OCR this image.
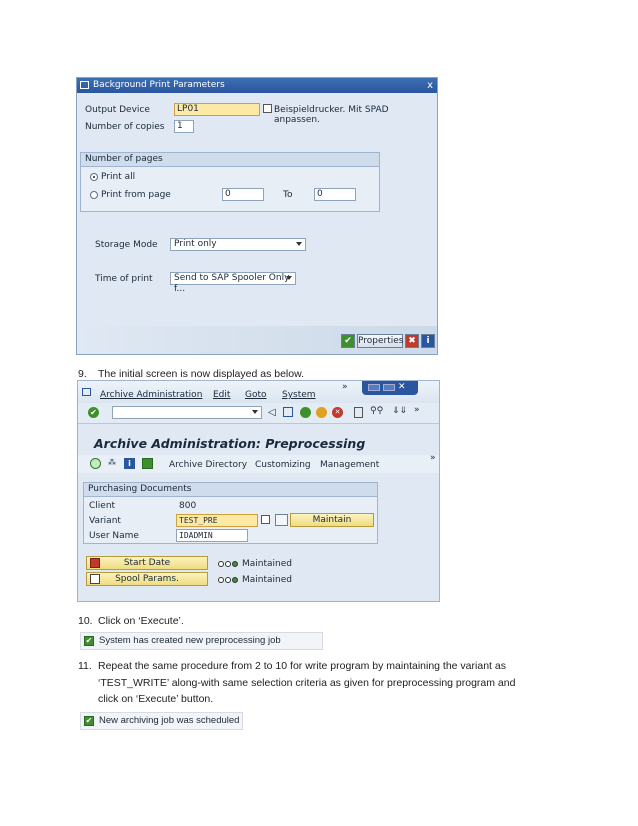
Background Print Parameters	x
Output Device	LP01	Beispieldrucker. Mit SPAD anpassen.
Number of copies	1
Number of pages
Print all
Print from page	0	To	0
Storage Mode	Print only
Time of print	Send to SAP Spooler Only f...
✔ Properties ✖	i
9. The initial screen is now displayed as below.
Archive Administration Edit Goto System
»	✕
✔	◁	✕	⚲⚲ ⇓⇓ »
Archive Administration: Preprocessing
⁂	i	Archive Directory Customizing Management
»
Purchasing Documents
Client	800
Variant	TEST_PRE	Maintain
User Name	IDADMIN
Start Date	Maintained
Spool Params.	Maintained
10. Click on ‘Execute’.
✔ System has created new preprocessing job
11. Repeat the same procedure from 2 to 10 for write program by maintaining the variant as
‘TEST_WRITE’ along-with same selection criteria as given for preprocessing program and
click on ‘Execute’ button.
✔ New archiving job was scheduled
